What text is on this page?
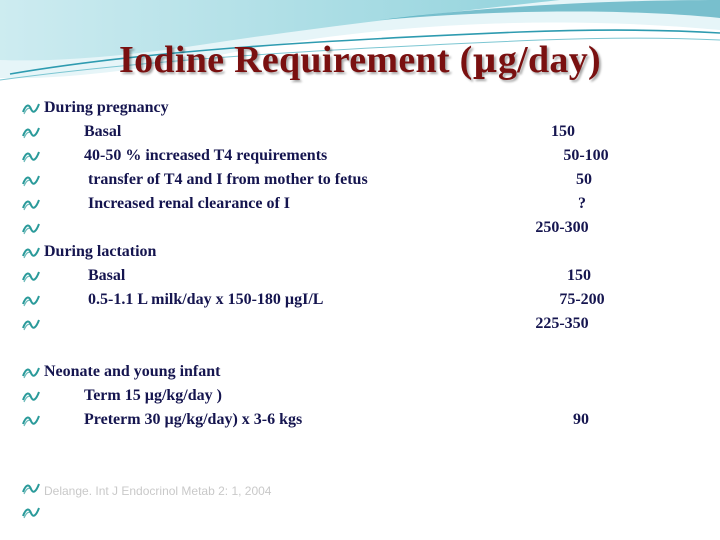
Iodine Requirement (µg/day)
During pregnancy
Basal	150
40-50 % increased T4 requirements	50-100
transfer of T4 and I from mother to fetus	50
Increased renal clearance of I	?
250-300
During lactation
Basal	150
0.5-1.1 L milk/day x 150-180 µgI/L	75-200
225-350
Neonate and young infant
Term 15 µg/kg/day )
Preterm 30 µg/kg/day) x 3-6 kgs	90
Delange. Int J Endocrinol Metab 2: 1, 2004
